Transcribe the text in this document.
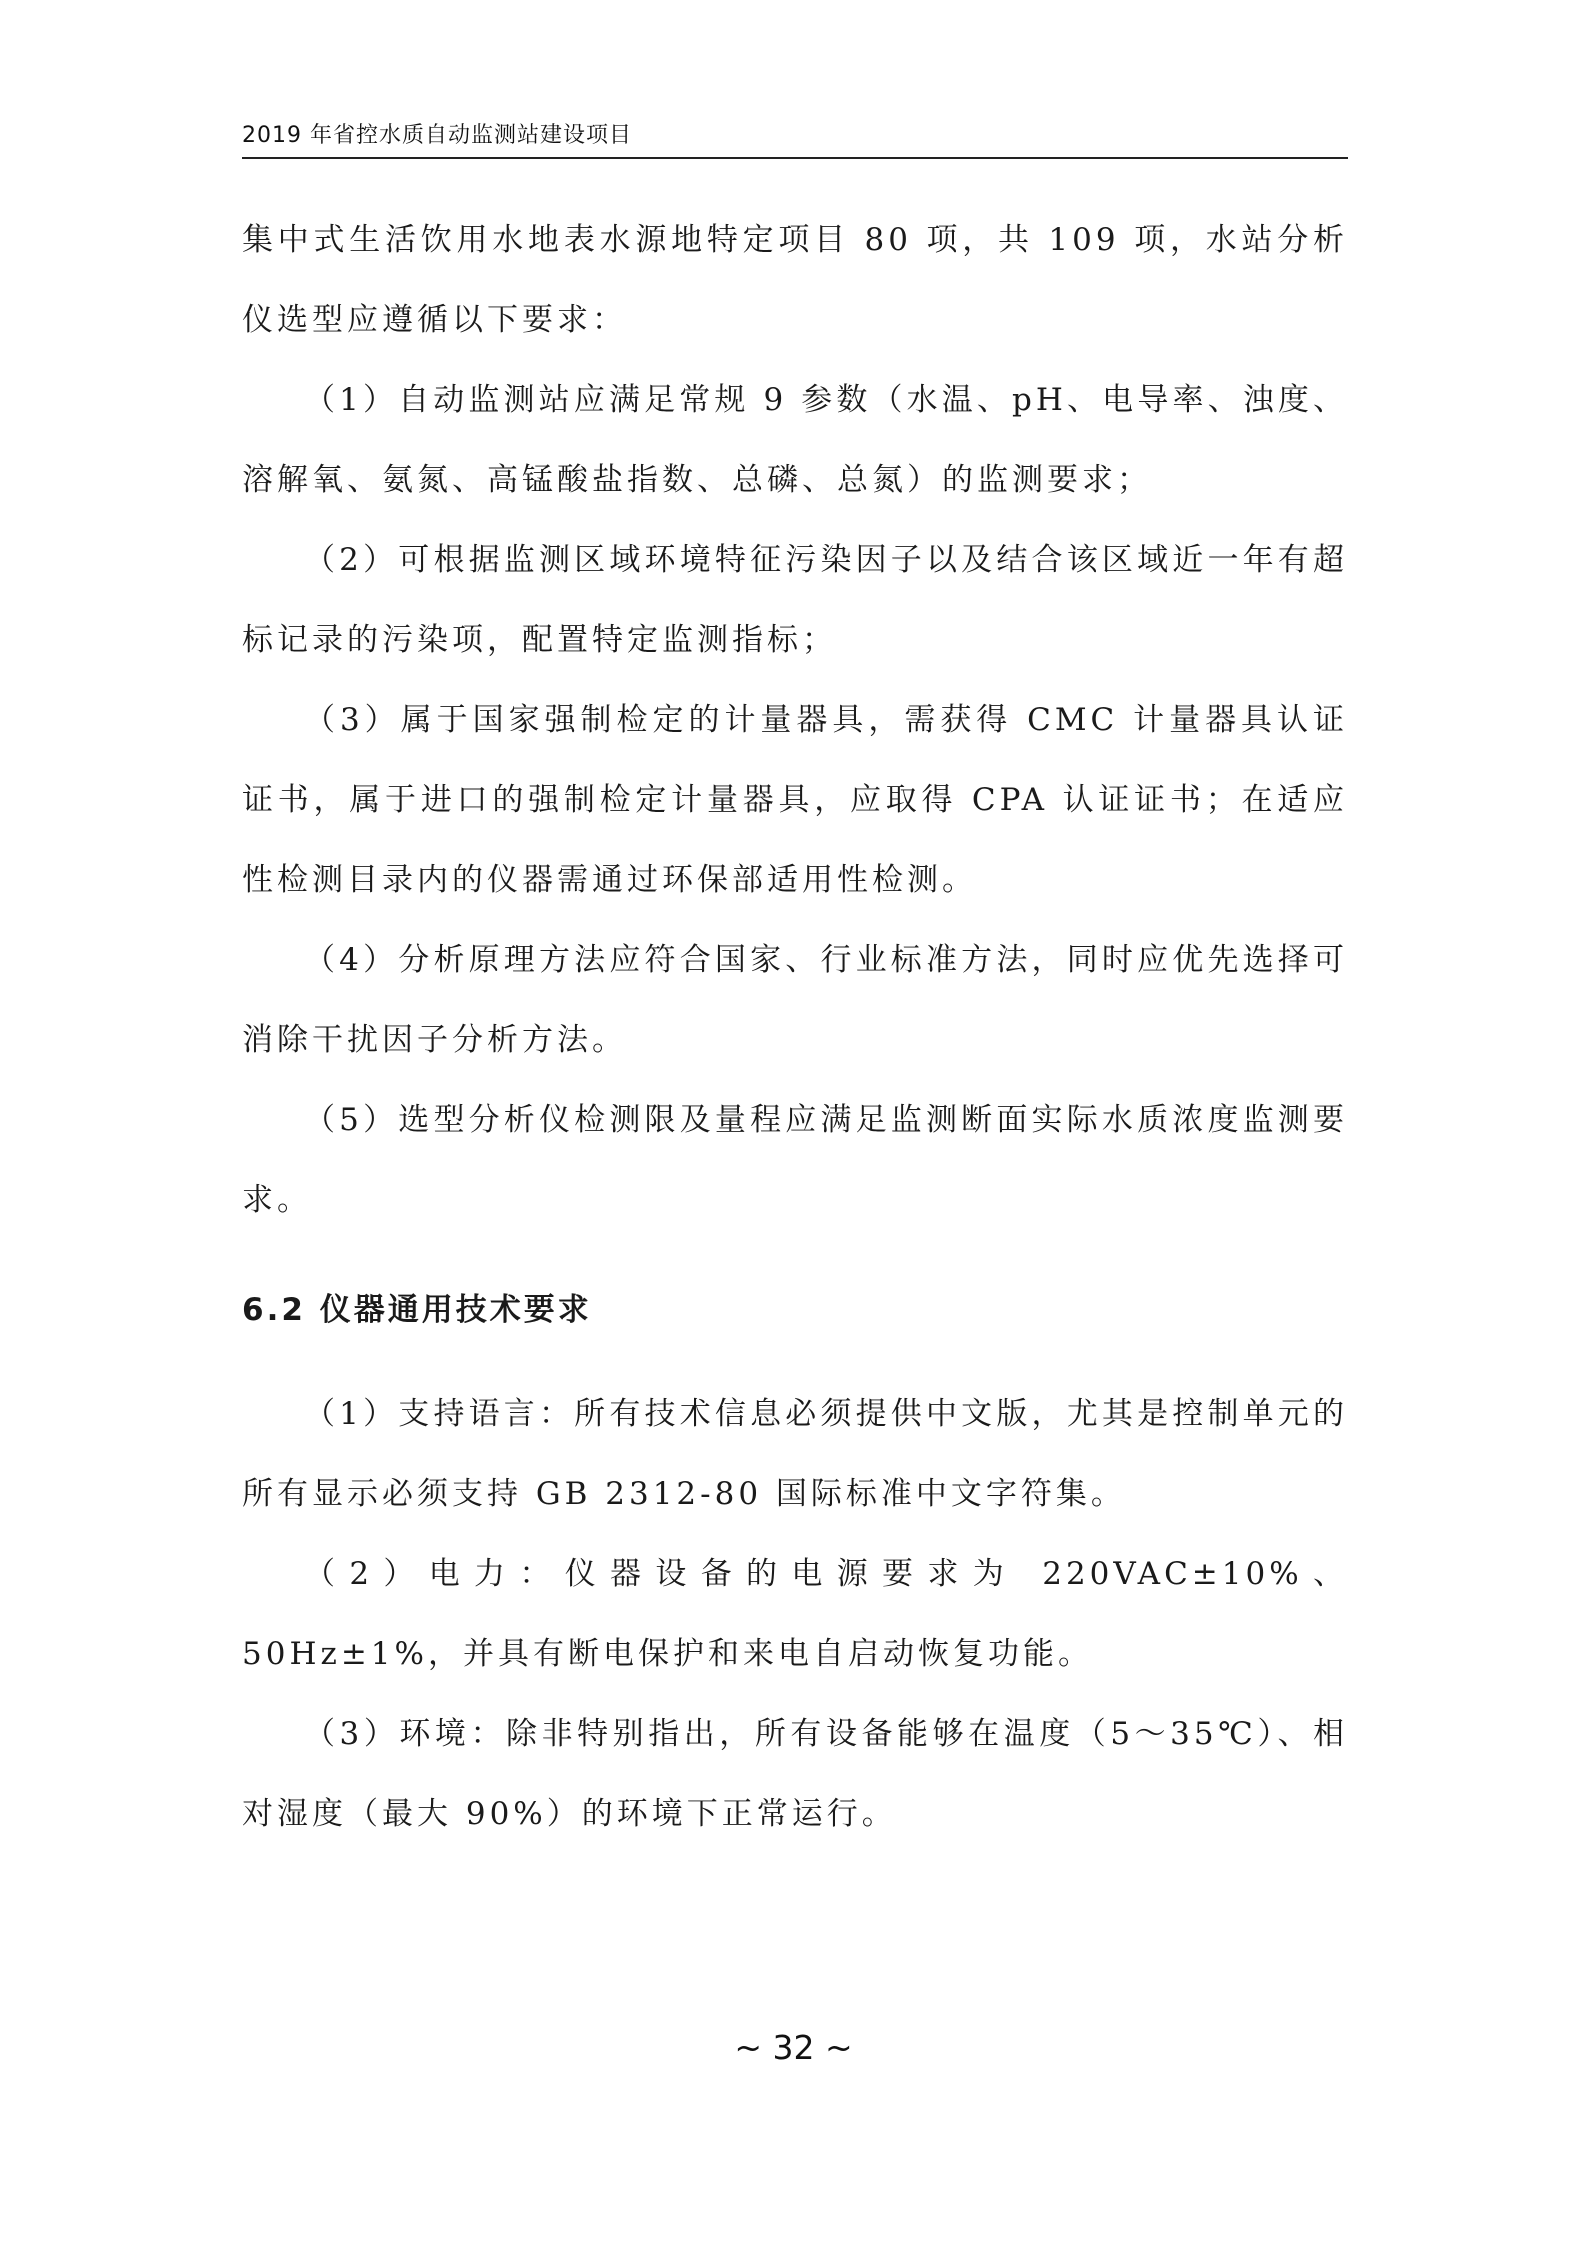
2019 年省控水质自动监测站建设项目

集中式生活饮用水地表水源地特定项目 80 项，共 109 项，水站分析仪选型应遵循以下要求：

（1）自动监测站应满足常规 9 参数（水温、pH、电导率、浊度、溶解氧、氨氮、高锰酸盐指数、总磷、总氮）的监测要求；

（2）可根据监测区域环境特征污染因子以及结合该区域近一年有超标记录的污染项，配置特定监测指标；

（3）属于国家强制检定的计量器具，需获得 CMC 计量器具认证证书，属于进口的强制检定计量器具，应取得 CPA 认证证书；在适应性检测目录内的仪器需通过环保部适用性检测。

（4）分析原理方法应符合国家、行业标准方法，同时应优先选择可消除干扰因子分析方法。

（5）选型分析仪检测限及量程应满足监测断面实际水质浓度监测要求。

6.2 仪器通用技术要求

（1）支持语言：所有技术信息必须提供中文版，尤其是控制单元的所有显示必须支持 GB 2312-80 国际标准中文字符集。

（2）电力：仪器设备的电源要求为 220VAC±10%、50Hz±1%，并具有断电保护和来电自启动恢复功能。

（3）环境：除非特别指出，所有设备能够在温度（5～35℃）、相对湿度（最大 90%）的环境下正常运行。

~ 32 ~
